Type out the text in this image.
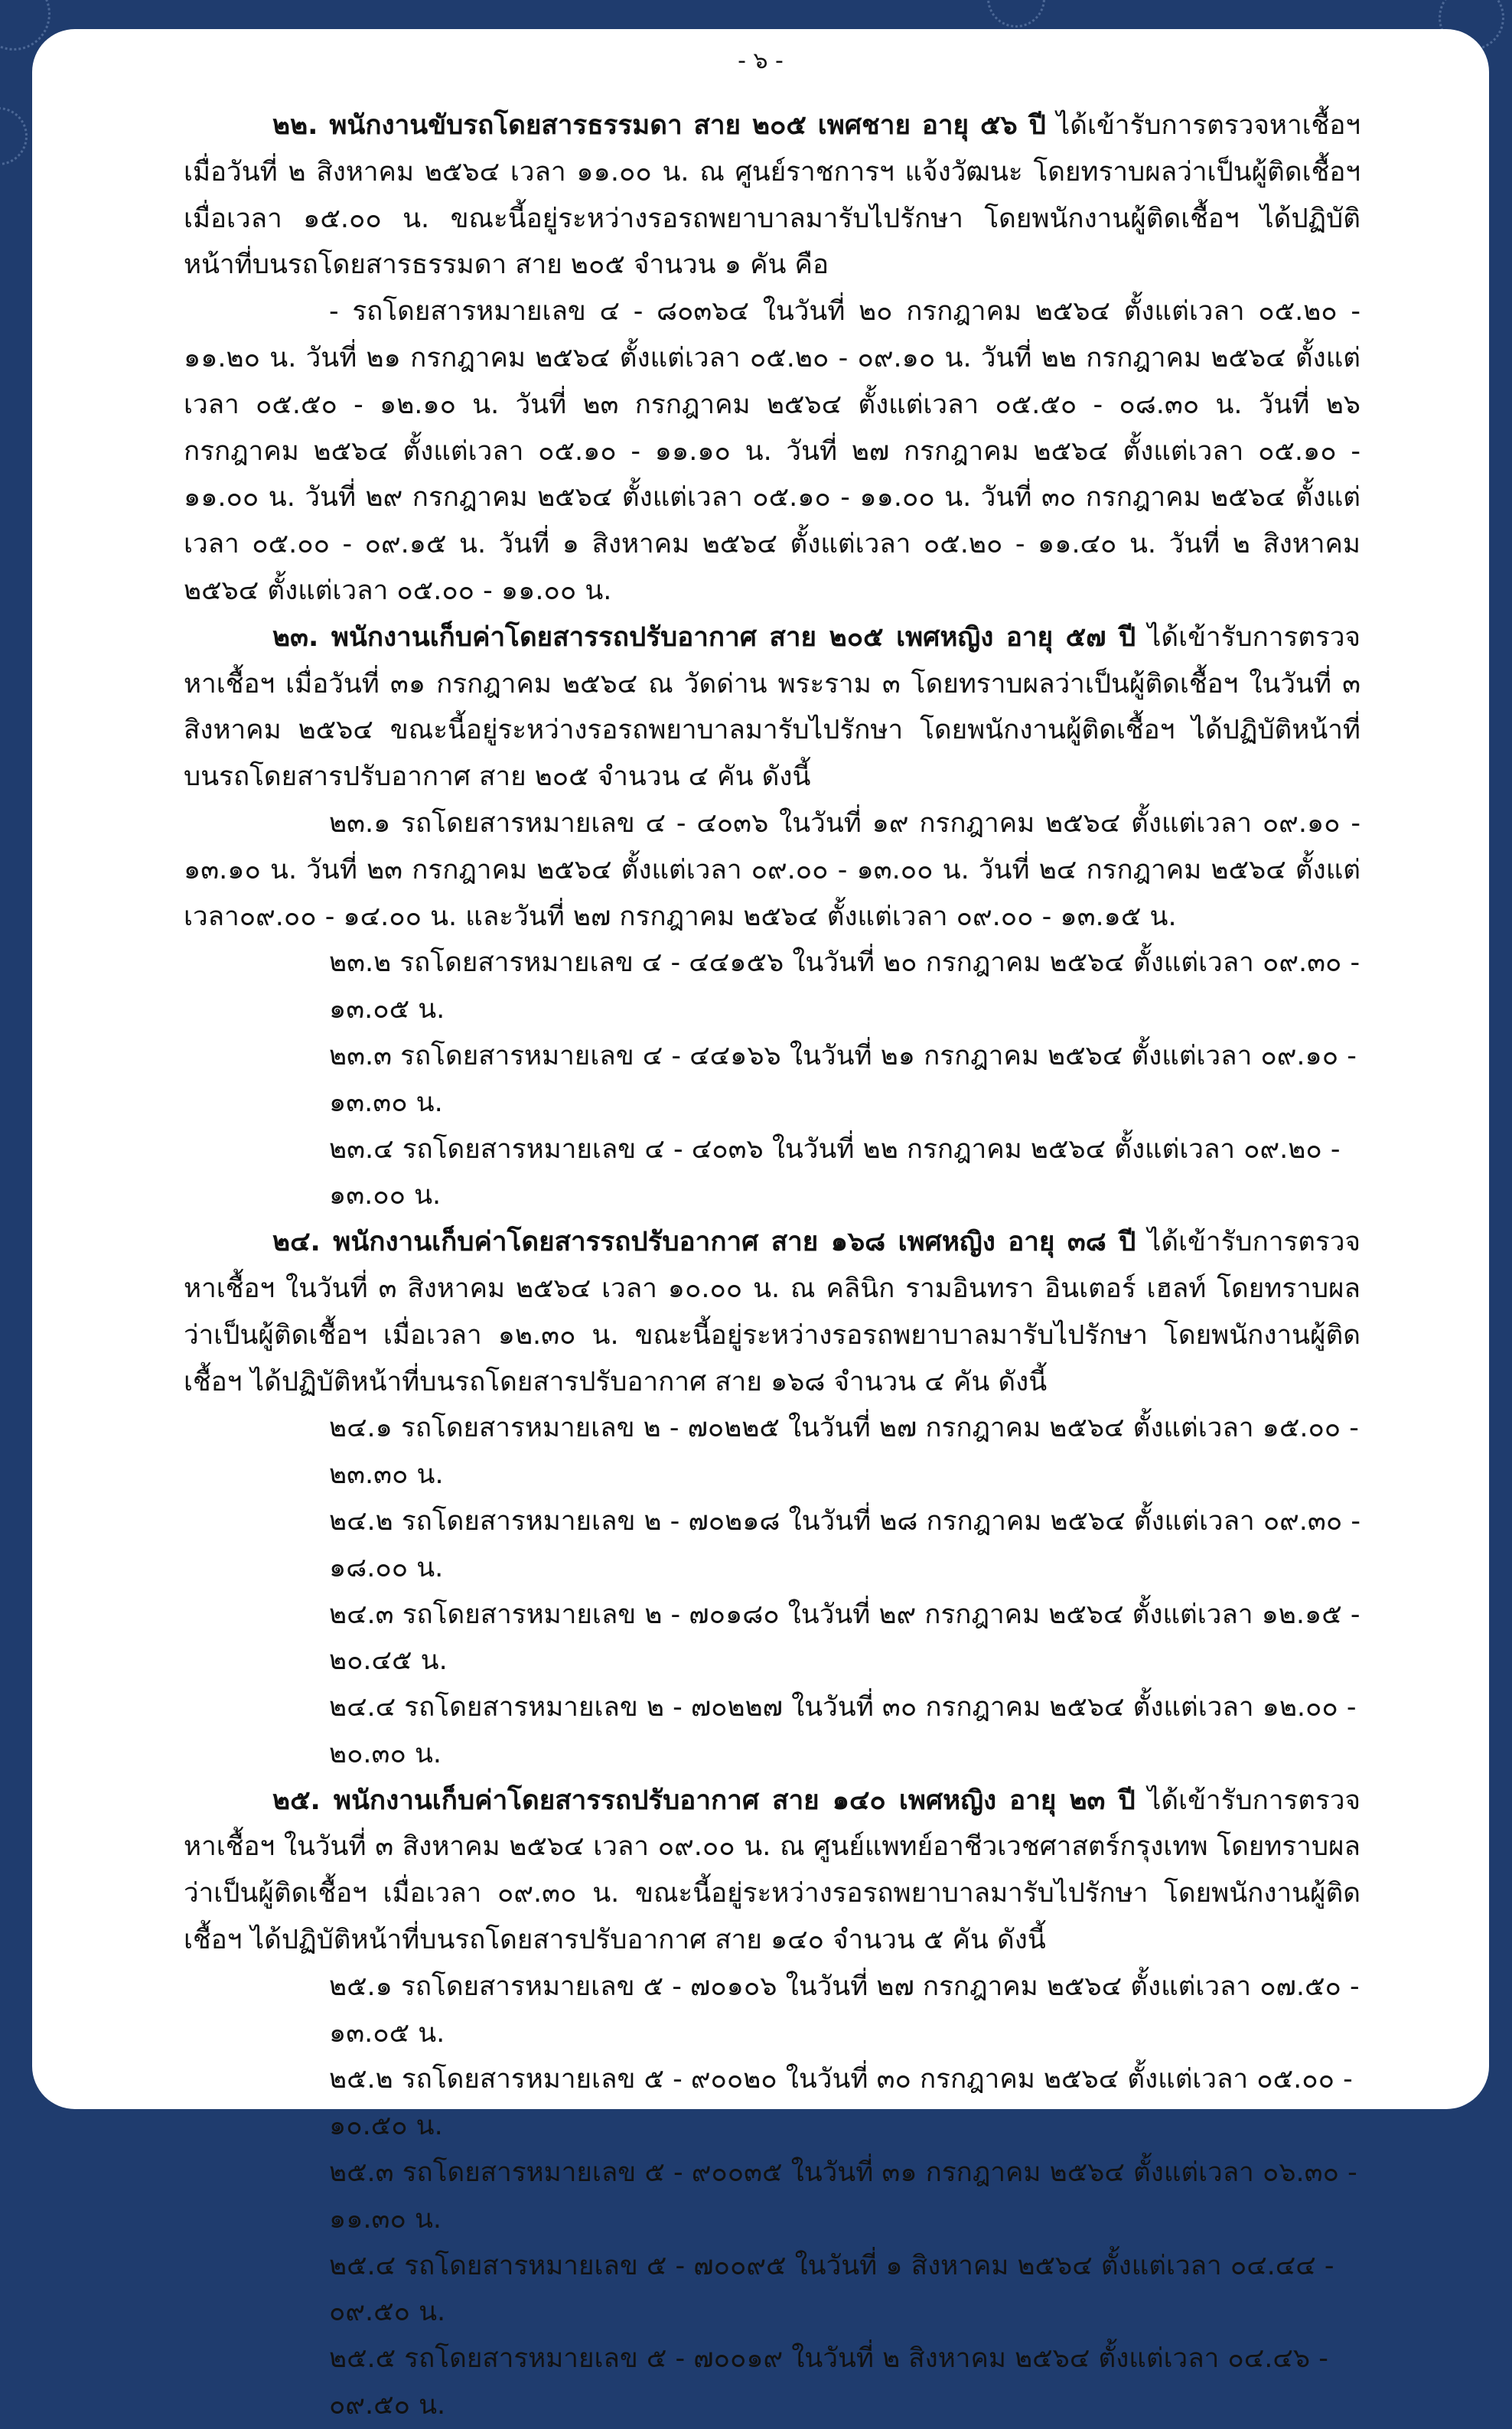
- ๖ -

๒๒. พนักงานขับรถโดยสารธรรมดา สาย ๒๐๕ เพศชาย อายุ ๕๖ ปี ได้เข้ารับการตรวจหาเชื้อฯ เมื่อวันที่ ๒ สิงหาคม ๒๕๖๔ เวลา ๑๑.๐๐ น. ณ ศูนย์ราชการฯ แจ้งวัฒนะ โดยทราบผลว่าเป็นผู้ติดเชื้อฯ เมื่อเวลา ๑๕.๐๐ น. ขณะนี้อยู่ระหว่างรอรถพยาบาลมารับไปรักษา โดยพนักงานผู้ติดเชื้อฯ ได้ปฏิบัติหน้าที่บนรถโดยสารธรรมดา สาย ๒๐๕ จำนวน ๑ คัน คือ

- รถโดยสารหมายเลข ๔ - ๘๐๓๖๔ ในวันที่ ๒๐ กรกฎาคม ๒๕๖๔ ตั้งแต่เวลา ๐๕.๒๐ - ๑๑.๒๐ น. วันที่ ๒๑ กรกฎาคม ๒๕๖๔ ตั้งแต่เวลา ๐๕.๒๐ - ๐๙.๑๐ น. วันที่ ๒๒ กรกฎาคม ๒๕๖๔ ตั้งแต่เวลา ๐๕.๕๐ - ๑๒.๑๐ น. วันที่ ๒๓ กรกฎาคม ๒๕๖๔ ตั้งแต่เวลา ๐๕.๕๐ - ๐๘.๓๐ น. วันที่ ๒๖ กรกฎาคม ๒๕๖๔ ตั้งแต่เวลา ๐๕.๑๐ - ๑๑.๑๐ น. วันที่ ๒๗ กรกฎาคม ๒๕๖๔ ตั้งแต่เวลา ๐๕.๑๐ - ๑๑.๐๐ น. วันที่ ๒๙ กรกฎาคม ๒๕๖๔ ตั้งแต่เวลา ๐๕.๑๐ - ๑๑.๐๐ น. วันที่ ๓๐ กรกฎาคม ๒๕๖๔ ตั้งแต่เวลา ๐๕.๐๐ - ๐๙.๑๕ น. วันที่ ๑ สิงหาคม ๒๕๖๔ ตั้งแต่เวลา ๐๕.๒๐ - ๑๑.๔๐ น. วันที่ ๒ สิงหาคม ๒๕๖๔ ตั้งแต่เวลา ๐๕.๐๐ - ๑๑.๐๐ น.

๒๓. พนักงานเก็บค่าโดยสารรถปรับอากาศ สาย ๒๐๕ เพศหญิง อายุ ๕๗ ปี ได้เข้ารับการตรวจหาเชื้อฯ เมื่อวันที่ ๓๑ กรกฎาคม ๒๕๖๔ ณ วัดด่าน พระราม ๓ โดยทราบผลว่าเป็นผู้ติดเชื้อฯ ในวันที่ ๓ สิงหาคม ๒๕๖๔ ขณะนี้อยู่ระหว่างรอรถพยาบาลมารับไปรักษา โดยพนักงานผู้ติดเชื้อฯ ได้ปฏิบัติหน้าที่บนรถโดยสารปรับอากาศ สาย ๒๐๕ จำนวน ๔ คัน ดังนี้

๒๓.๑ รถโดยสารหมายเลข ๔ - ๔๐๓๖ ในวันที่ ๑๙ กรกฎาคม ๒๕๖๔ ตั้งแต่เวลา ๐๙.๑๐ - ๑๓.๑๐ น. วันที่ ๒๓ กรกฎาคม ๒๕๖๔ ตั้งแต่เวลา ๐๙.๐๐ - ๑๓.๐๐ น. วันที่ ๒๔ กรกฎาคม ๒๕๖๔ ตั้งแต่เวลา๐๙.๐๐ - ๑๔.๐๐ น. และวันที่ ๒๗ กรกฎาคม ๒๕๖๔ ตั้งแต่เวลา ๐๙.๐๐ - ๑๓.๑๕ น.

๒๓.๒ รถโดยสารหมายเลข ๔ - ๔๔๑๕๖ ในวันที่ ๒๐ กรกฎาคม ๒๕๖๔ ตั้งแต่เวลา ๐๙.๓๐ - ๑๓.๐๕ น.

๒๓.๓ รถโดยสารหมายเลข ๔ - ๔๔๑๖๖ ในวันที่ ๒๑ กรกฎาคม ๒๕๖๔ ตั้งแต่เวลา ๐๙.๑๐ - ๑๓.๓๐ น.

๒๓.๔ รถโดยสารหมายเลข ๔ - ๔๐๓๖ ในวันที่ ๒๒ กรกฎาคม ๒๕๖๔ ตั้งแต่เวลา ๐๙.๒๐ - ๑๓.๐๐ น.

๒๔. พนักงานเก็บค่าโดยสารรถปรับอากาศ สาย ๑๖๘ เพศหญิง อายุ ๓๘ ปี ได้เข้ารับการตรวจหาเชื้อฯ ในวันที่ ๓ สิงหาคม ๒๕๖๔ เวลา ๑๐.๐๐ น. ณ คลินิก รามอินทรา อินเตอร์ เฮลท์ โดยทราบผลว่าเป็นผู้ติดเชื้อฯ เมื่อเวลา ๑๒.๓๐ น. ขณะนี้อยู่ระหว่างรอรถพยาบาลมารับไปรักษา โดยพนักงานผู้ติดเชื้อฯ ได้ปฏิบัติหน้าที่บนรถโดยสารปรับอากาศ สาย ๑๖๘ จำนวน ๔ คัน ดังนี้

๒๔.๑ รถโดยสารหมายเลข ๒ - ๗๐๒๒๕ ในวันที่ ๒๗ กรกฎาคม ๒๕๖๔ ตั้งแต่เวลา ๑๕.๐๐ - ๒๓.๓๐ น.

๒๔.๒ รถโดยสารหมายเลข ๒ - ๗๐๒๑๘ ในวันที่ ๒๘ กรกฎาคม ๒๕๖๔ ตั้งแต่เวลา ๐๙.๓๐ - ๑๘.๐๐ น.

๒๔.๓ รถโดยสารหมายเลข ๒ - ๗๐๑๘๐ ในวันที่ ๒๙ กรกฎาคม ๒๕๖๔ ตั้งแต่เวลา ๑๒.๑๕ - ๒๐.๔๕ น.

๒๔.๔ รถโดยสารหมายเลข ๒ - ๗๐๒๒๗ ในวันที่ ๓๐ กรกฎาคม ๒๕๖๔ ตั้งแต่เวลา ๑๒.๐๐ - ๒๐.๓๐ น.

๒๕. พนักงานเก็บค่าโดยสารรถปรับอากาศ สาย ๑๔๐ เพศหญิง อายุ ๒๓ ปี ได้เข้ารับการตรวจหาเชื้อฯ ในวันที่ ๓ สิงหาคม ๒๕๖๔ เวลา ๐๙.๐๐ น. ณ ศูนย์แพทย์อาชีวเวชศาสตร์กรุงเทพ โดยทราบผลว่าเป็นผู้ติดเชื้อฯ เมื่อเวลา ๐๙.๓๐ น. ขณะนี้อยู่ระหว่างรอรถพยาบาลมารับไปรักษา โดยพนักงานผู้ติดเชื้อฯ ได้ปฏิบัติหน้าที่บนรถโดยสารปรับอากาศ สาย ๑๔๐ จำนวน ๕ คัน ดังนี้

๒๕.๑ รถโดยสารหมายเลข ๕ - ๗๐๑๐๖ ในวันที่ ๒๗ กรกฎาคม ๒๕๖๔ ตั้งแต่เวลา ๐๗.๕๐ - ๑๓.๐๕ น.

๒๕.๒ รถโดยสารหมายเลข ๕ - ๙๐๐๒๐ ในวันที่ ๓๐ กรกฎาคม ๒๕๖๔ ตั้งแต่เวลา ๐๕.๐๐ - ๑๐.๕๐ น.

๒๕.๓ รถโดยสารหมายเลข ๕ - ๙๐๐๓๕ ในวันที่ ๓๑ กรกฎาคม ๒๕๖๔ ตั้งแต่เวลา ๐๖.๓๐ - ๑๑.๓๐ น.

๒๕.๔ รถโดยสารหมายเลข ๕ - ๗๐๐๙๕ ในวันที่ ๑ สิงหาคม ๒๕๖๔ ตั้งแต่เวลา ๐๔.๔๔ - ๐๙.๕๐ น.

๒๕.๕ รถโดยสารหมายเลข ๕ - ๗๐๐๑๙ ในวันที่ ๒ สิงหาคม ๒๕๖๔ ตั้งแต่เวลา ๐๔.๔๖ - ๐๙.๕๐ น.
